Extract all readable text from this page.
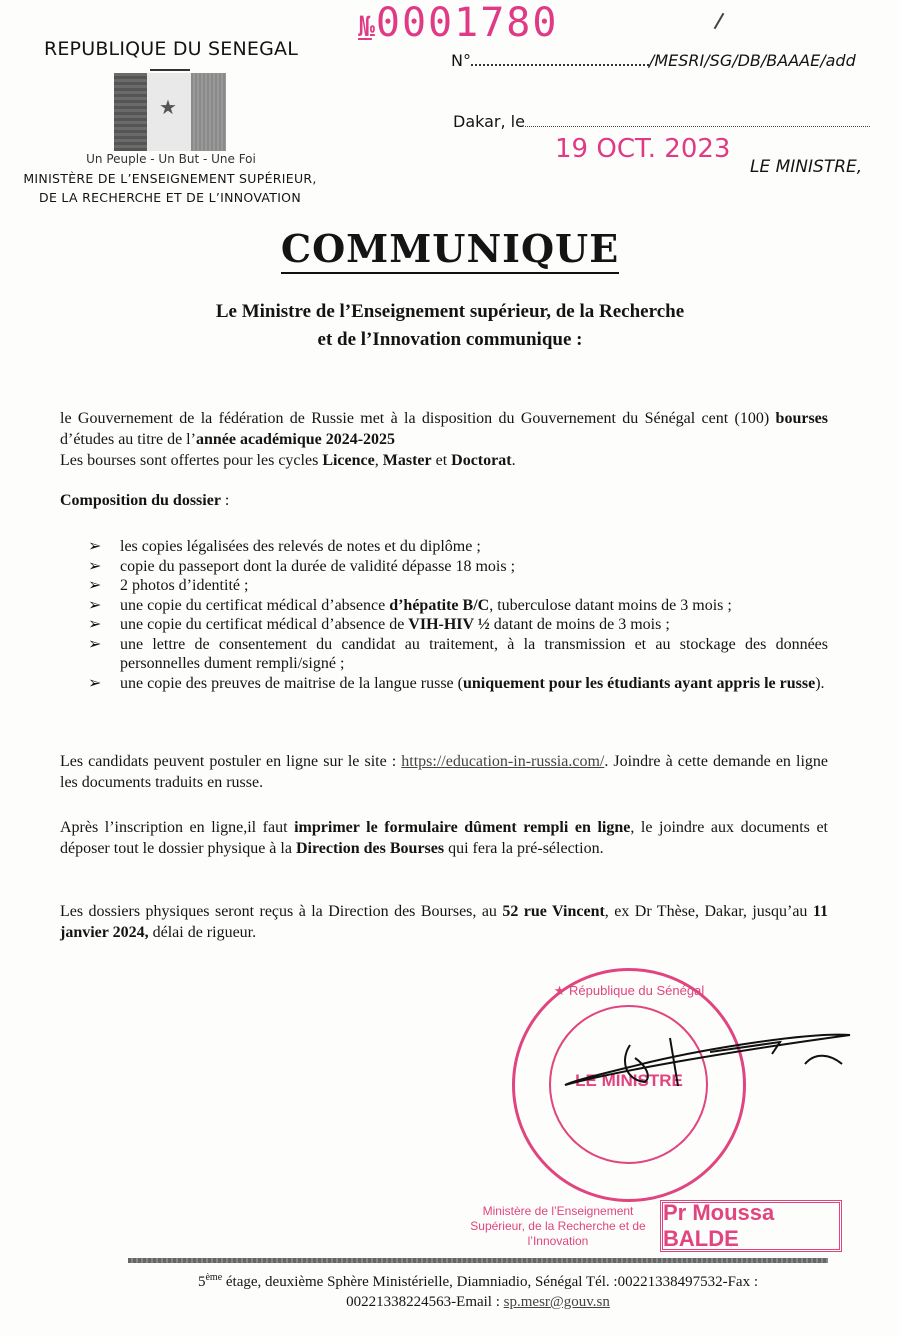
REPUBLIQUE DU SENEGAL
★
Un Peuple - Un But - Une Foi
MINISTÈRE DE L’ENSEIGNEMENT SUPÉRIEUR,
DE LA RECHERCHE ET DE L’INNOVATION
№ 0001780
N°	/MESRI/SG/DB/BAAAE/add
Dakar, le
19 OCT. 2023
LE MINISTRE,
COMMUNIQUE
Le Ministre de l’Enseignement supérieur, de la Recherche
et de l’Innovation communique :
le Gouvernement de la fédération de Russie met à la disposition du Gouvernement du Sénégal cent (100) bourses d’études au titre de l’année académique 2024-2025
Les bourses sont offertes pour les cycles Licence, Master et Doctorat.
Composition du dossier :
➢ les copies légalisées des relevés de notes et du diplôme ;
➢ copie du passeport dont la durée de validité dépasse 18 mois ;
➢ 2 photos d’identité ;
➢ une copie du certificat médical d’absence d’hépatite B/C, tuberculose datant moins de 3 mois ;
➢ une copie du certificat médical d’absence de VIH-HIV ½ datant de moins de 3 mois ;
➢ une lettre de consentement du candidat au traitement, à la transmission et au stockage des données personnelles dument rempli/signé ;
➢ une copie des preuves de maitrise de la langue russe (uniquement pour les étudiants ayant appris le russe).
Les candidats peuvent postuler en ligne sur le site : https://education-in-russia.com/. Joindre à cette demande en ligne les documents traduits en russe.
Après l’inscription en ligne,il faut imprimer le formulaire dûment rempli en ligne, le joindre aux documents et déposer tout le dossier physique à la Direction des Bourses qui fera la pré-sélection.
Les dossiers physiques seront reçus à la Direction des Bourses, au 52 rue Vincent, ex Dr Thèse, Dakar, jusqu’au 11 janvier 2024, délai de rigueur.
★ République du Sénégal
LE MINISTRE
Ministère de l’Enseignement Supérieur, de la Recherche et de l’Innovation
Pr Moussa BALDE
5ème étage, deuxième Sphère Ministérielle, Diamniadio, Sénégal Tél. :00221338497532-Fax :
00221338224563-Email : sp.mesr@gouv.sn
